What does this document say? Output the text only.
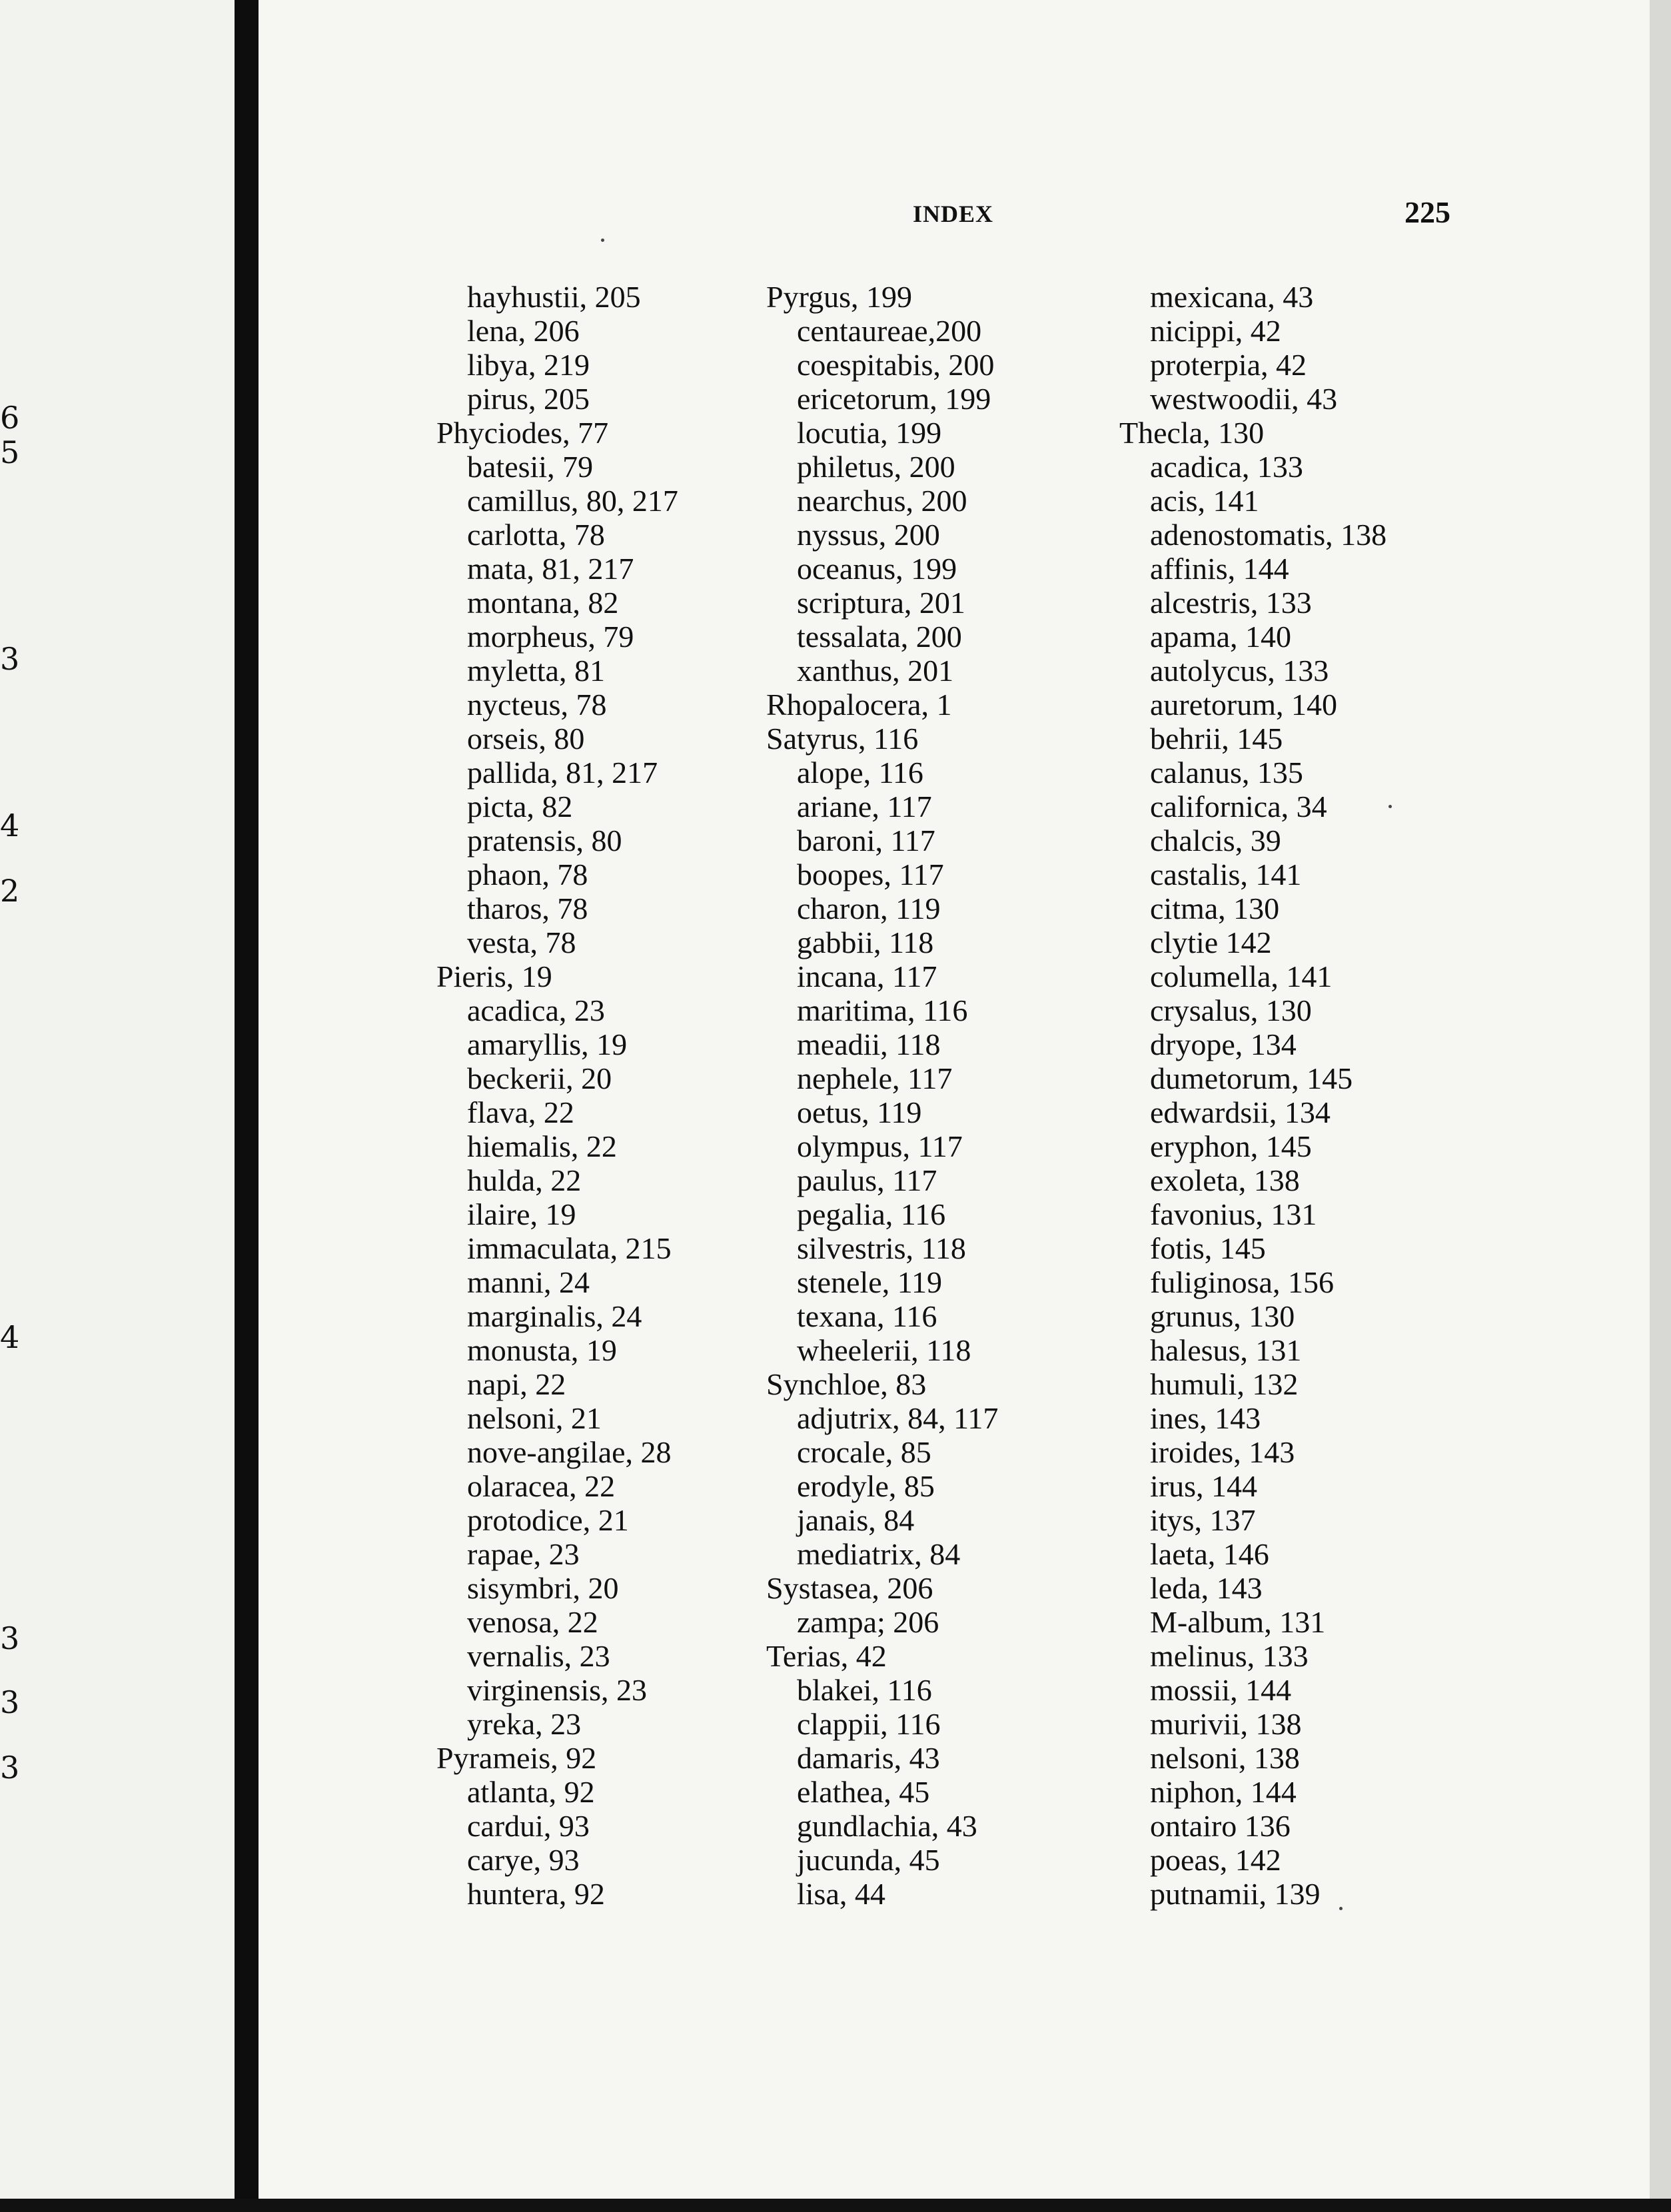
6
5
3
4
2
4
3
3
3
INDEX	225
hayhustii, 205
lena, 206
libya, 219
pirus, 205
Phyciodes, 77
batesii, 79
camillus, 80, 217
carlotta, 78
mata, 81, 217
montana, 82
morpheus, 79
myletta, 81
nycteus, 78
orseis, 80
pallida, 81, 217
picta, 82
pratensis, 80
phaon, 78
tharos, 78
vesta, 78
Pieris, 19
acadica, 23
amaryllis, 19
beckerii, 20
flava, 22
hiemalis, 22
hulda, 22
ilaire, 19
immaculata, 215
manni, 24
marginalis, 24
monusta, 19
napi, 22
nelsoni, 21
nove-angilae, 28
olaracea, 22
protodice, 21
rapae, 23
sisymbri, 20
venosa, 22
vernalis, 23
virginensis, 23
yreka, 23
Pyrameis, 92
atlanta, 92
cardui, 93
carye, 93
huntera, 92
Pyrgus, 199
centaureae,200
coespitabis, 200
ericetorum, 199
locutia, 199
philetus, 200
nearchus, 200
nyssus, 200
oceanus, 199
scriptura, 201
tessalata, 200
xanthus, 201
Rhopalocera, 1
Satyrus, 116
alope, 116
ariane, 117
baroni, 117
boopes, 117
charon, 119
gabbii, 118
incana, 117
maritima, 116
meadii, 118
nephele, 117
oetus, 119
olympus, 117
paulus, 117
pegalia, 116
silvestris, 118
stenele, 119
texana, 116
wheelerii, 118
Synchloe, 83
adjutrix, 84, 117
crocale, 85
erodyle, 85
janais, 84
mediatrix, 84
Systasea, 206
zampa; 206
Terias, 42
blakei, 116
clappii, 116
damaris, 43
elathea, 45
gundlachia, 43
jucunda, 45
lisa, 44
mexicana, 43
nicippi, 42
proterpia, 42
westwoodii, 43
Thecla, 130
acadica, 133
acis, 141
adenostomatis, 138
affinis, 144
alcestris, 133
apama, 140
autolycus, 133
auretorum, 140
behrii, 145
calanus, 135
californica, 34
chalcis, 39
castalis, 141
citma, 130
clytie 142
columella, 141
crysalus, 130
dryope, 134
dumetorum, 145
edwardsii, 134
eryphon, 145
exoleta, 138
favonius, 131
fotis, 145
fuliginosa, 156
grunus, 130
halesus, 131
humuli, 132
ines, 143
iroides, 143
irus, 144
itys, 137
laeta, 146
leda, 143
M-album, 131
melinus, 133
mossii, 144
murivii, 138
nelsoni, 138
niphon, 144
ontairo 136
poeas, 142
putnamii, 139
